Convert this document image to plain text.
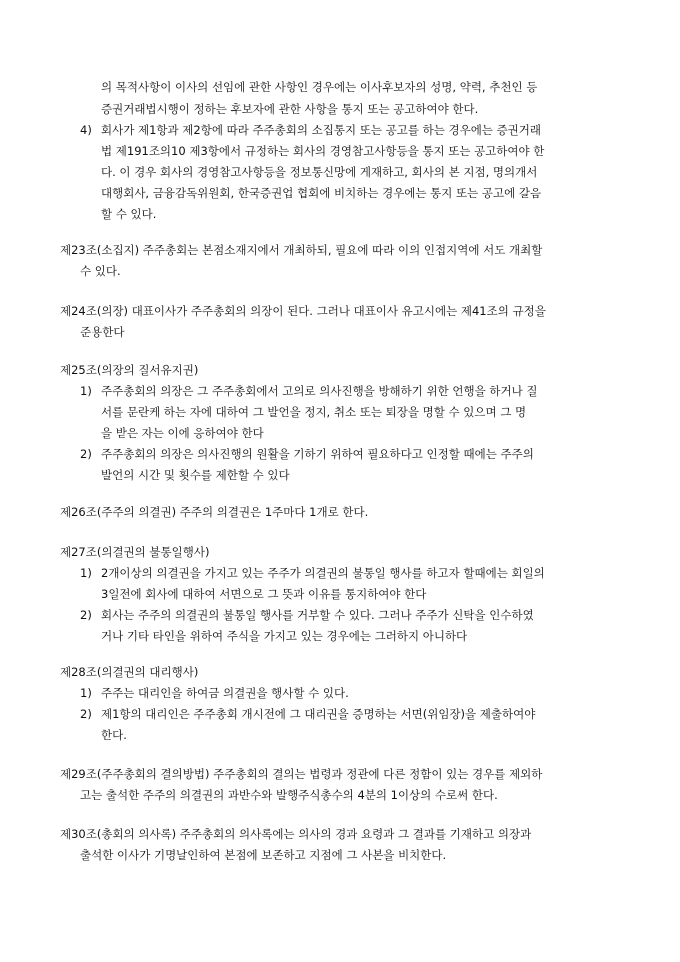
의 목적사항이 이사의 선임에 관한 사항인 경우에는 이사후보자의 성명, 약력, 추천인 등
증권거래법시행이 정하는 후보자에 관한 사항을 통지 또는 공고하여야 한다.
4) 회사가 제1항과 제2항에 따라 주주총회의 소집통지 또는 공고를 하는 경우에는 증권거래
법 제191조의10 제3항에서 규정하는 회사의 경영참고사항등을 통지 또는 공고하여야 한
다. 이 경우 회사의 경영참고사항등을 정보통신망에 게재하고, 회사의 본 지점, 명의개서
대행회사, 금융감독위원회, 한국증권업 협회에 비치하는 경우에는 통지 또는 공고에 갈음
할 수 있다.
제23조(소집지) 주주총회는 본점소재지에서 개최하되, 필요에 따라 이의 인접지역에 서도 개최할
수 있다.
제24조(의장) 대표이사가 주주총회의 의장이 된다. 그러나 대표이사 유고시에는 제41조의 규정을
준용한다
제25조(의장의 질서유지권)
1) 주주총회의 의장은 그 주주총회에서 고의로 의사진행을 방해하기 위한 언행을 하거나 질
서를 문란케 하는 자에 대하여 그 발언을 정지, 취소 또는 퇴장을 명할 수 있으며 그 명
을 받은 자는 이에 응하여야 한다
2) 주주총회의 의장은 의사진행의 원활을 기하기 위하여 필요하다고 인정할 때에는 주주의
발언의 시간 및 횟수를 제한할 수 있다
제26조(주주의 의결권) 주주의 의결권은 1주마다 1개로 한다.
제27조(의결권의 불통일행사)
1) 2개이상의 의결권을 가지고 있는 주주가 의결권의 불통일 행사를 하고자 할때에는 회일의
3일전에 회사에 대하여 서면으로 그 뜻과 이유를 통지하여야 한다
2) 회사는 주주의 의결권의 불통일 행사를 거부할 수 있다. 그러나 주주가 신탁을 인수하였
거나 기타 타인을 위하여 주식을 가지고 있는 경우에는 그러하지 아니하다
제28조(의결권의 대리행사)
1) 주주는 대리인을 하여금 의결권을 행사할 수 있다.
2) 제1항의 대리인은 주주총회 개시전에 그 대리권을 증명하는 서면(위임장)을 제출하여야
한다.
제29조(주주총회의 결의방법) 주주총회의 결의는 법령과 정관에 다른 정함이 있는 경우를 제외하
고는 출석한 주주의 의결권의 과반수와 발행주식총수의 4분의 1이상의 수로써 한다.
제30조(총회의 의사록) 주주총회의 의사록에는 의사의 경과 요령과 그 결과를 기재하고 의장과
출석한 이사가 기명날인하여 본점에 보존하고 지점에 그 사본을 비치한다.
